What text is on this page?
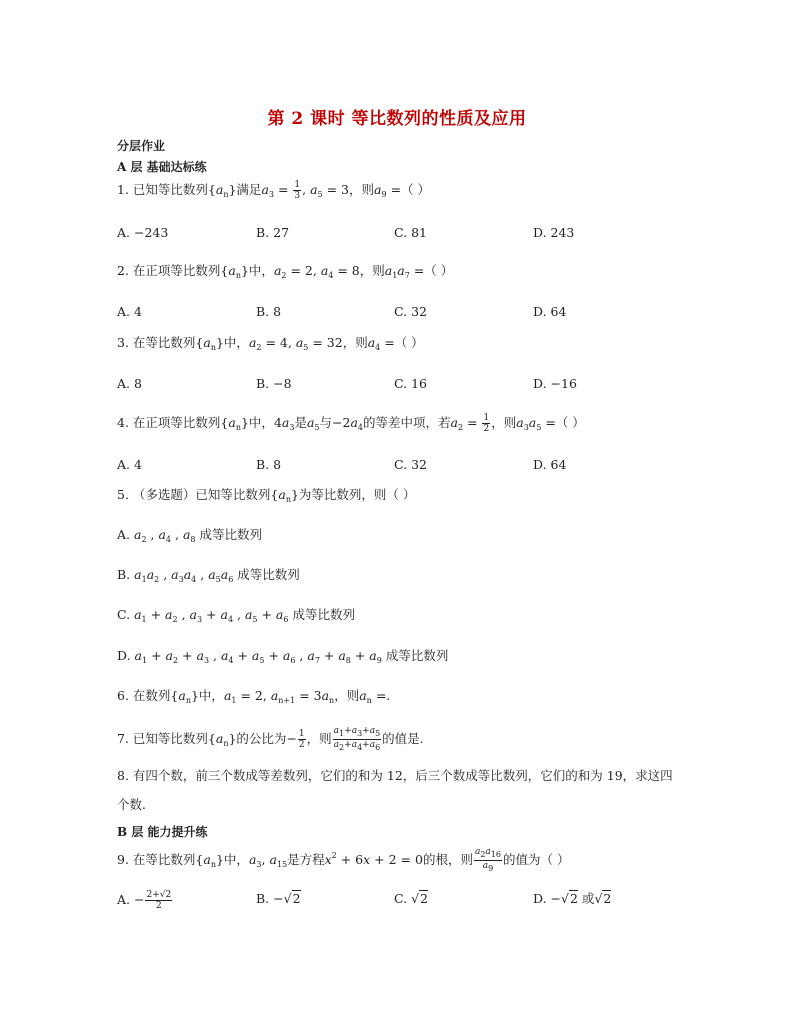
第 2 课时 等比数列的性质及应用
分层作业
A 层 基础达标练
1. 已知等比数列$\{a_n\}$满足$a_3 = \frac{1}{3}$ , $a_5 = 3$，则$a_9$ =（ ）
A. −243	B. 27	C. 81	D. 243
2. 在正项等比数列$\{a_n\}$中，$a_2 = 2$, $a_4 = 8$，则$a_1a_7$ =（ ）
A. 4	B. 8	C. 32	D. 64
3. 在等比数列$\{a_n\}$中，$a_2 = 4$, $a_5 = 32$，则$a_4$ =（ ）
A. 8	B. −8	C. 16	D. −16
4. 在正项等比数列$\{a_n\}$中，$4a_3$是$a_5$与$-2a_4$的等差中项，若$a_2 = \frac{1}{2}$ ，则$a_3a_5$ =（ ）
A. 4	B. 8	C. 32	D. 64
5. （多选题）已知等比数列$\{a_n\}$为等比数列，则（ ）
A. $a_2$ , $a_4$ , $a_8$ 成等比数列
B. $a_1a_2$ , $a_3a_4$ , $a_5a_6$ 成等比数列
C. $a_1 + a_2$ , $a_3 + a_4$ , $a_5 + a_6$ 成等比数列
D. $a_1 + a_2 + a_3$ , $a_4 + a_5 + a_6$ , $a_7 + a_8 + a_9$ 成等比数列
6. 在数列$\{a_n\}$中，$a_1 = 2$, $a_{n+1} = 3a_n$，则$a_n$ =.
7. 已知等比数列$\{a_n\}$的公比为− $\frac{1}{2}$ ，则 $\frac{a_1+a_3+a_5}{a_2+a_4+a_6}$ 的值是.
8. 有四个数，前三个数成等差数列，它们的和为 12，后三个数成等比数列，它们的和为 19，求这四
个数.
B 层 能力提升练
9. 在等比数列$\{a_n\}$中，$a_3$, $a_{15}$是方程$x^2 + 6x + 2 = 0$的根，则 $\frac{a_2a_{16}}{a_9}$ 的值为（ ）
A. − $\frac{2+√2}{2}$	B. −√2	C. √2	D. −√2 或√2
